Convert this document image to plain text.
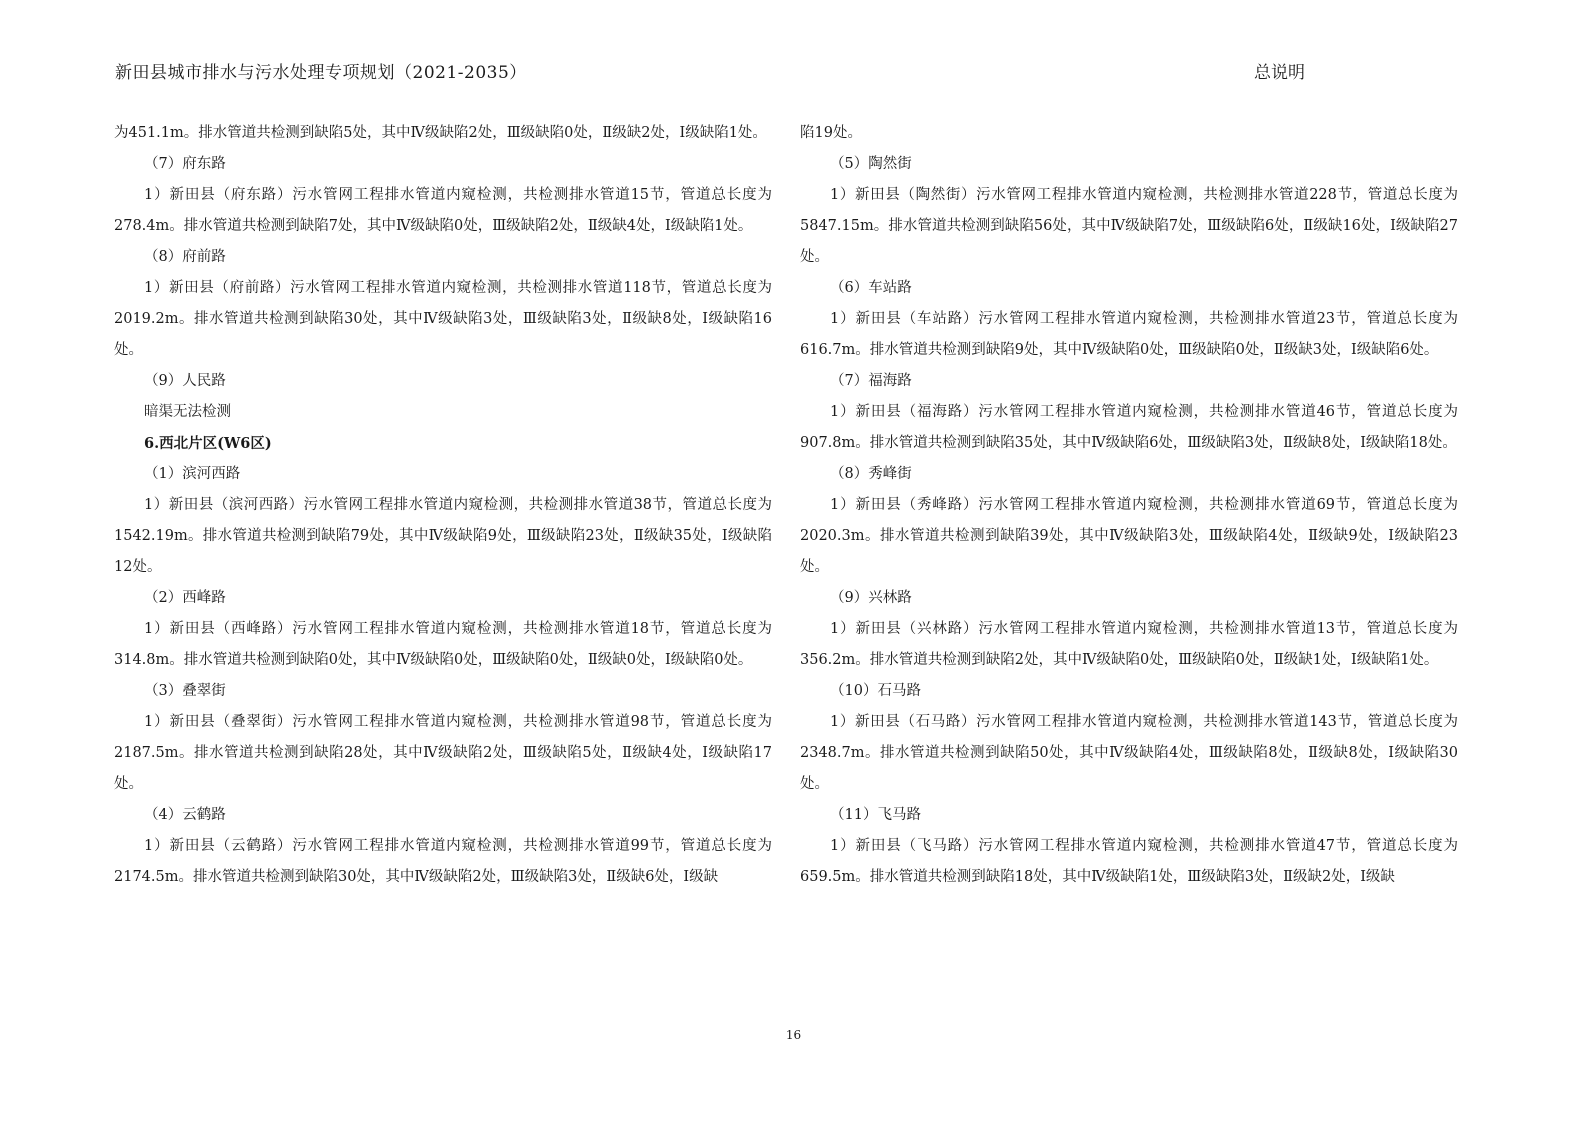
新田县城市排水与污水处理专项规划（2021-2035）	总说明

为451.1m。排水管道共检测到缺陷5处，其中Ⅳ级缺陷2处，Ⅲ级缺陷0处，Ⅱ级缺2处，Ⅰ级缺陷1处。

（7）府东路

1）新田县（府东路）污水管网工程排水管道内窥检测，共检测排水管道15节，管道总长度为278.4m。排水管道共检测到缺陷7处，其中Ⅳ级缺陷0处，Ⅲ级缺陷2处，Ⅱ级缺4处，Ⅰ级缺陷1处。

（8）府前路

1）新田县（府前路）污水管网工程排水管道内窥检测，共检测排水管道118节，管道总长度为2019.2m。排水管道共检测到缺陷30处，其中Ⅳ级缺陷3处，Ⅲ级缺陷3处，Ⅱ级缺8处，Ⅰ级缺陷16处。

（9）人民路

暗渠无法检测

6.西北片区(W6区)

（1）滨河西路

1）新田县（滨河西路）污水管网工程排水管道内窥检测，共检测排水管道38节，管道总长度为1542.19m。排水管道共检测到缺陷79处，其中Ⅳ级缺陷9处，Ⅲ级缺陷23处，Ⅱ级缺35处，Ⅰ级缺陷12处。

（2）西峰路

1）新田县（西峰路）污水管网工程排水管道内窥检测，共检测排水管道18节，管道总长度为314.8m。排水管道共检测到缺陷0处，其中Ⅳ级缺陷0处，Ⅲ级缺陷0处，Ⅱ级缺0处，Ⅰ级缺陷0处。

（3）叠翠街

1）新田县（叠翠街）污水管网工程排水管道内窥检测，共检测排水管道98节，管道总长度为2187.5m。排水管道共检测到缺陷28处，其中Ⅳ级缺陷2处，Ⅲ级缺陷5处，Ⅱ级缺4处，Ⅰ级缺陷17处。

（4）云鹤路

1）新田县（云鹤路）污水管网工程排水管道内窥检测，共检测排水管道99节，管道总长度为2174.5m。排水管道共检测到缺陷30处，其中Ⅳ级缺陷2处，Ⅲ级缺陷3处，Ⅱ级缺6处，Ⅰ级缺

陷19处。

（5）陶然街

1）新田县（陶然街）污水管网工程排水管道内窥检测，共检测排水管道228节，管道总长度为5847.15m。排水管道共检测到缺陷56处，其中Ⅳ级缺陷7处，Ⅲ级缺陷6处，Ⅱ级缺16处，Ⅰ级缺陷27处。

（6）车站路

1）新田县（车站路）污水管网工程排水管道内窥检测，共检测排水管道23节，管道总长度为616.7m。排水管道共检测到缺陷9处，其中Ⅳ级缺陷0处，Ⅲ级缺陷0处，Ⅱ级缺3处，Ⅰ级缺陷6处。

（7）福海路

1）新田县（福海路）污水管网工程排水管道内窥检测，共检测排水管道46节，管道总长度为907.8m。排水管道共检测到缺陷35处，其中Ⅳ级缺陷6处，Ⅲ级缺陷3处，Ⅱ级缺8处，Ⅰ级缺陷18处。

（8）秀峰街

1）新田县（秀峰路）污水管网工程排水管道内窥检测，共检测排水管道69节，管道总长度为2020.3m。排水管道共检测到缺陷39处，其中Ⅳ级缺陷3处，Ⅲ级缺陷4处，Ⅱ级缺9处，Ⅰ级缺陷23处。

（9）兴林路

1）新田县（兴林路）污水管网工程排水管道内窥检测，共检测排水管道13节，管道总长度为356.2m。排水管道共检测到缺陷2处，其中Ⅳ级缺陷0处，Ⅲ级缺陷0处，Ⅱ级缺1处，Ⅰ级缺陷1处。

（10）石马路

1）新田县（石马路）污水管网工程排水管道内窥检测，共检测排水管道143节，管道总长度为2348.7m。排水管道共检测到缺陷50处，其中Ⅳ级缺陷4处，Ⅲ级缺陷8处，Ⅱ级缺8处，Ⅰ级缺陷30处。

（11）飞马路

1）新田县（飞马路）污水管网工程排水管道内窥检测，共检测排水管道47节，管道总长度为659.5m。排水管道共检测到缺陷18处，其中Ⅳ级缺陷1处，Ⅲ级缺陷3处，Ⅱ级缺2处，Ⅰ级缺

16
